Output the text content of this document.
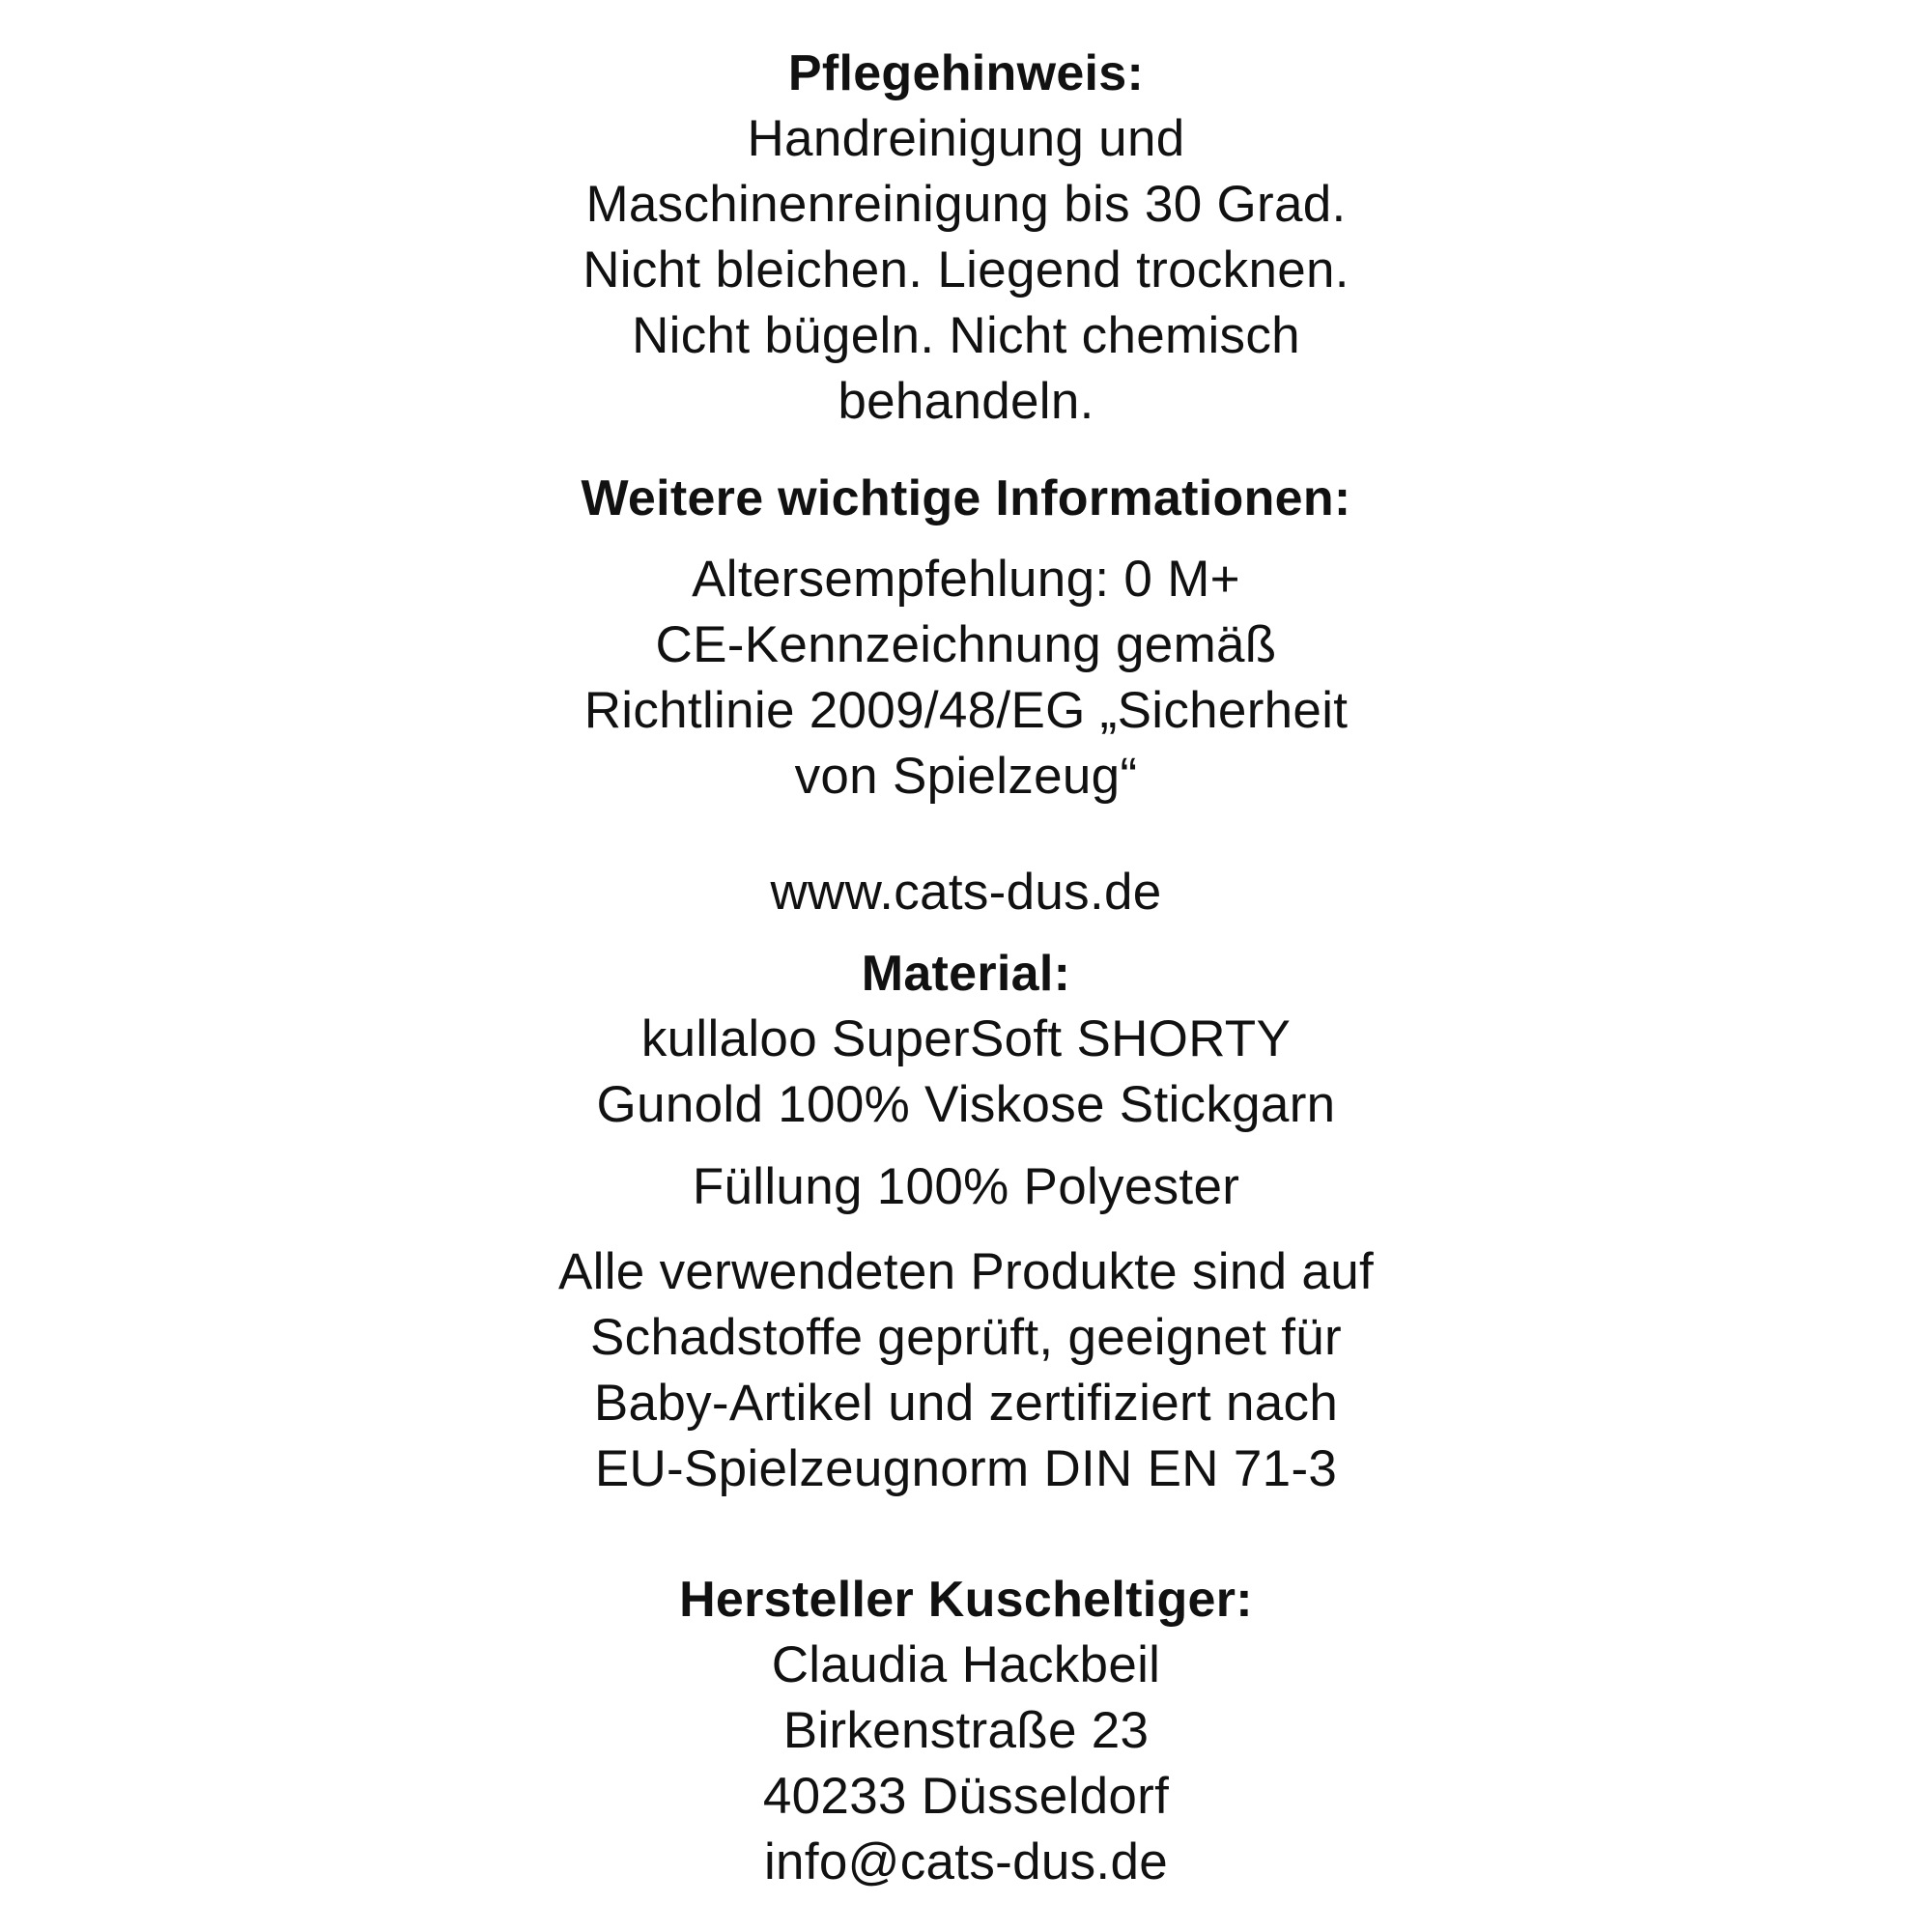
Pflegehinweis:
Handreinigung und
Maschinenreinigung bis 30 Grad.
Nicht bleichen. Liegend trocknen.
Nicht bügeln. Nicht chemisch
behandeln.
Weitere wichtige Informationen:
Altersempfehlung: 0 M+
CE-Kennzeichnung gemäß
Richtlinie 2009/48/EG „Sicherheit
von Spielzeug“
www.cats-dus.de
Material:
kullaloo SuperSoft SHORTY
Gunold 100% Viskose Stickgarn
Füllung 100% Polyester
Alle verwendeten Produkte sind auf
Schadstoffe geprüft, geeignet für
Baby-Artikel und zertifiziert nach
EU-Spielzeugnorm DIN EN 71-3
Hersteller Kuscheltiger:
Claudia Hackbeil
Birkenstraße 23
40233 Düsseldorf
info@cats-dus.de
